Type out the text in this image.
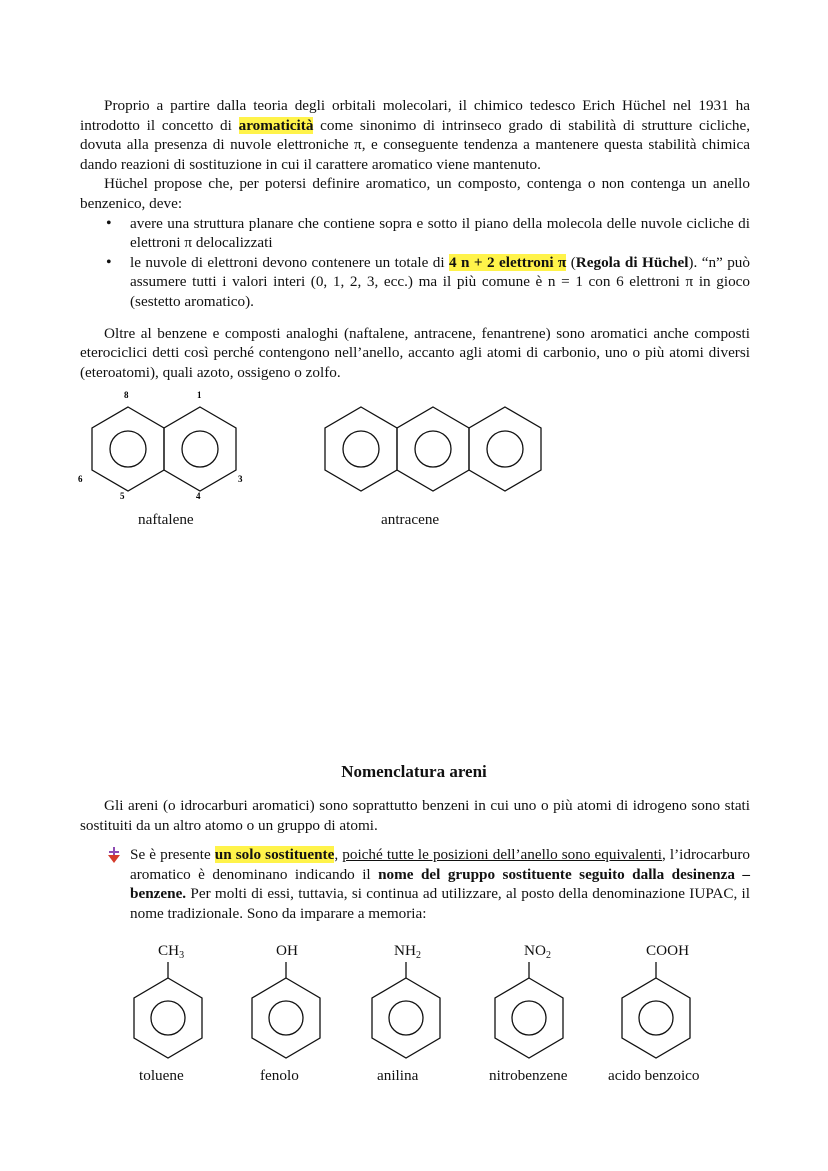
Proprio a partire dalla teoria degli orbitali molecolari, il chimico tedesco Erich Hüchel nel 1931 ha introdotto il concetto di aromaticità come sinonimo di intrinseco grado di stabilità di strutture cicliche, dovuta alla presenza di nuvole elettroniche π, e conseguente tendenza a mantenere questa stabilità chimica dando reazioni di sostituzione in cui il carattere aromatico viene mantenuto.

Hüchel propose che, per potersi definire aromatico, un composto, contenga o non contenga un anello benzenico, deve:

• avere una struttura planare che contiene sopra e sotto il piano della molecola delle nuvole cicliche di elettroni π delocalizzati
• le nuvole di elettroni devono contenere un totale di 4 n + 2 elettroni π (Regola di Hüchel). “n” può assumere tutti i valori interi (0, 1, 2, 3, ecc.) ma il più comune è n = 1 con 6 elettroni π in gioco (sestetto aromatico).

Oltre al benzene e composti analoghi (naftalene, antracene, fenantrene) sono aromatici anche composti eterociclici detti così perché contengono nell’anello, accanto agli atomi di carbonio, uno o più atomi diversi (eteroatomi), quali azoto, ossigeno o zolfo.

8	1
6	3
5	4
naftalene	antracene
Nomenclatura areni

Gli areni (o idrocarburi aromatici) sono soprattutto benzeni in cui uno o più atomi di idrogeno sono stati sostituiti da un altro atomo o un gruppo di atomi.

Se è presente un solo sostituente, poiché tutte le posizioni dell’anello sono equivalenti, l’idrocarburo aromatico è denominano indicando il nome del gruppo sostituente seguito dalla desinenza – benzene. Per molti di essi, tuttavia, si continua ad utilizzare, al posto della denominazione IUPAC, il nome tradizionale. Sono da imparare a memoria:
$CH_3$	OH	$NH_2$	$NO_2$	COOH
toluene	fenolo	anilina	nitrobenzene	acido benzoico
